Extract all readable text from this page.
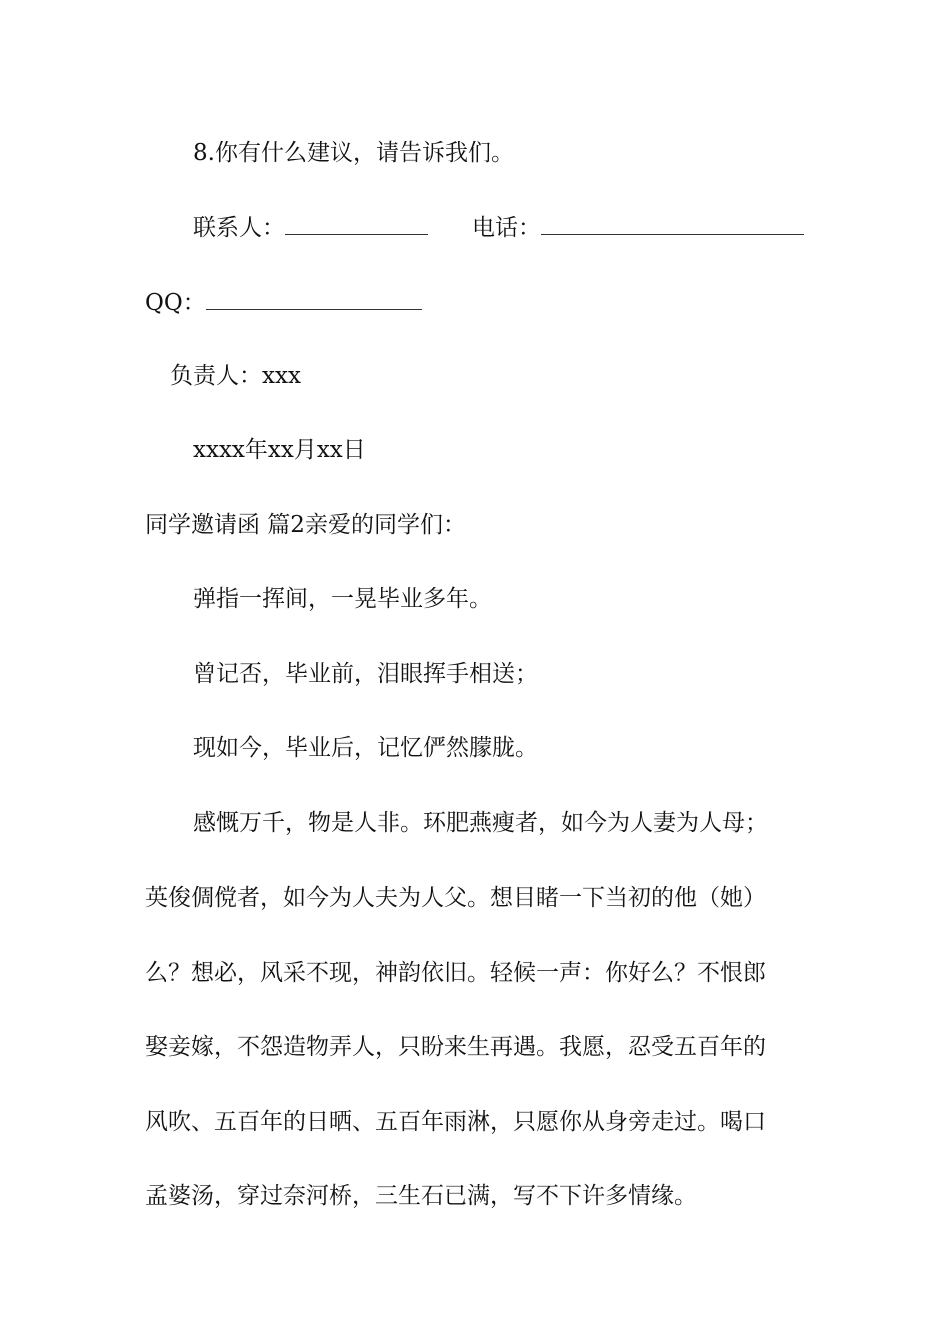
8.你有什么建议，请告诉我们。
联系人：	电话：
QQ：
负责人：xxx
xxxx年xx月xx日
同学邀请函 篇2亲爱的同学们：
弹指一挥间，一晃毕业多年。
曾记否，毕业前，泪眼挥手相送；
现如今，毕业后，记忆俨然朦胧。
感慨万千，物是人非。环肥燕瘦者，如今为人妻为人母；
英俊倜傥者，如今为人夫为人父。想目睹一下当初的他（她）
么？想必，风采不现，神韵依旧。轻候一声：你好么？不恨郎
娶妾嫁，不怨造物弄人，只盼来生再遇。我愿，忍受五百年的
风吹、五百年的日晒、五百年雨淋，只愿你从身旁走过。喝口
孟婆汤，穿过奈河桥，三生石已满，写不下许多情缘。
